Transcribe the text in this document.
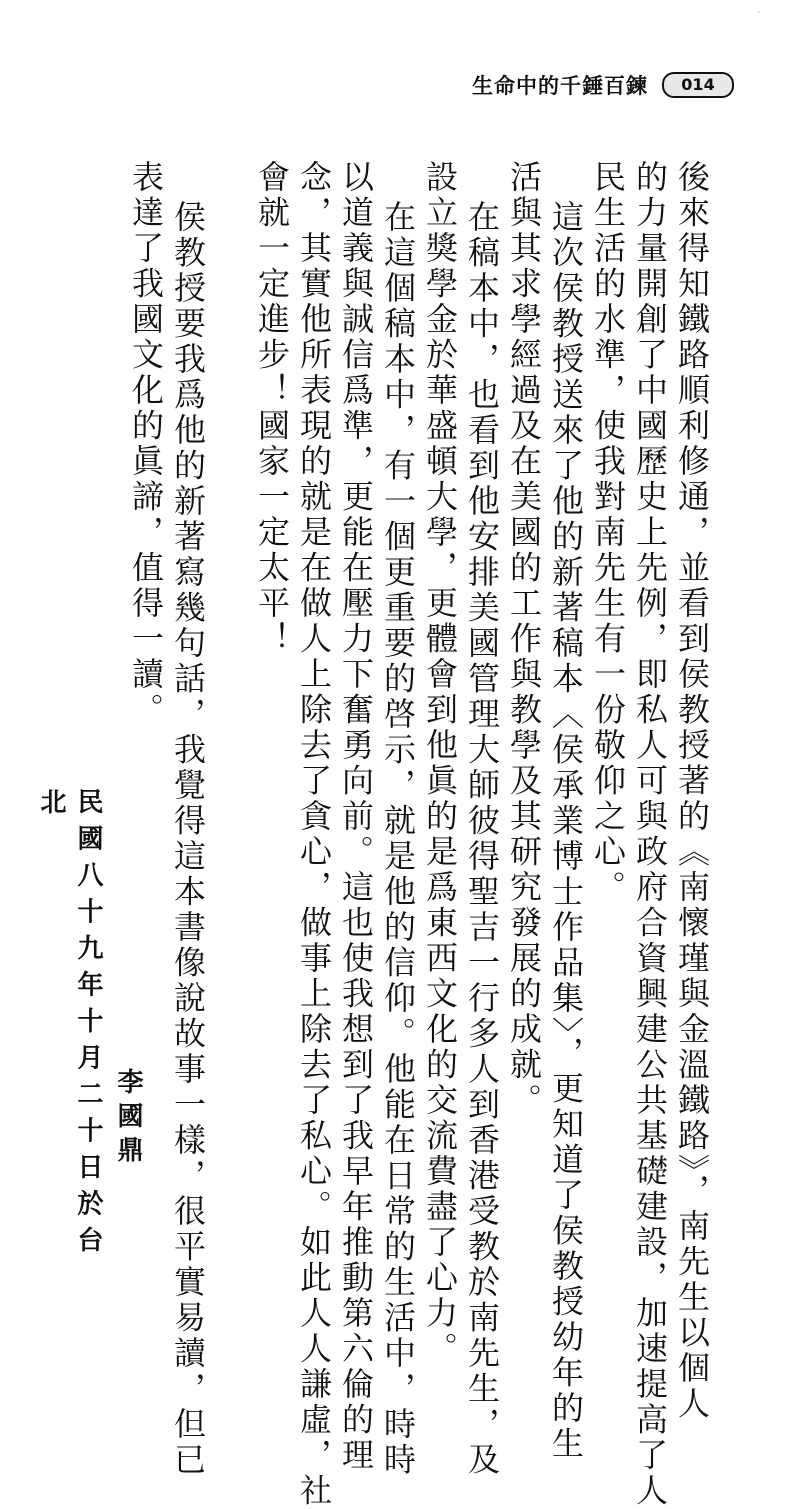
·
生命中的千錘百鍊	014
後來得知鐵路順利修通，並看到侯教授著的《南懷瑾與金溫鐵路》，南先生以個人
的力量開創了中國歷史上先例，即私人可與政府合資興建公共基礎建設，加速提高了人
民生活的水準，使我對南先生有一份敬仰之心。
這次侯教授送來了他的新著稿本〈侯承業博士作品集〉，更知道了侯教授幼年的生
活與其求學經過及在美國的工作與教學及其研究發展的成就。
在稿本中，也看到他安排美國管理大師彼得聖吉一行多人到香港受教於南先生，及
設立獎學金於華盛頓大學，更體會到他眞的是爲東西文化的交流費盡了心力。
在這個稿本中，有一個更重要的啓示，就是他的信仰。他能在日常的生活中，時時
以道義與誠信爲準，更能在壓力下奮勇向前。這也使我想到了我早年推動第六倫的理
念，其實他所表現的就是在做人上除去了貪心，做事上除去了私心。如此人人謙虛，社
會就一定進步！國家一定太平！
侯教授要我爲他的新著寫幾句話，我覺得這本書像說故事一樣，很平實易讀，但已
表達了我國文化的眞諦，值得一讀。
李國鼎
民國八十九年十月二十日於台北
